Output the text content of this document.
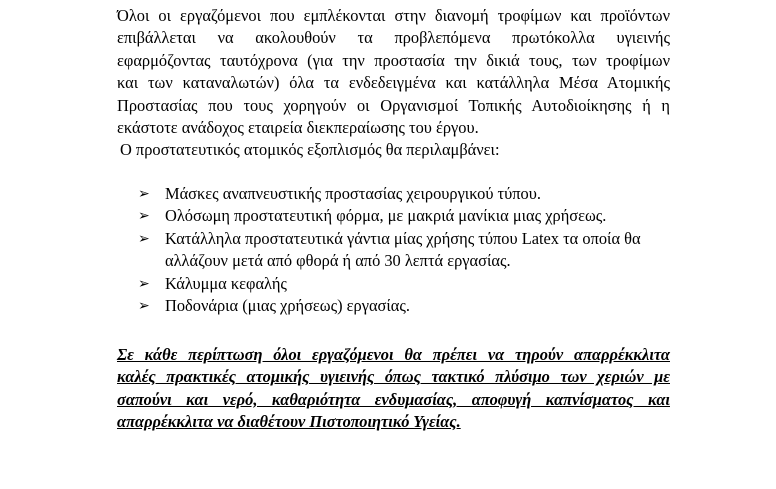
Όλοι οι εργαζόμενοι που εμπλέκονται στην διανομή τροφίμων και προϊόντων
επιβάλλεται να ακολουθούν τα προβλεπόμενα πρωτόκολλα υγιεινής
εφαρμόζοντας ταυτόχρονα (για την προστασία την δικιά τους, των τροφίμων
και των καταναλωτών) όλα τα ενδεδειγμένα και κατάλληλα Μέσα Ατομικής
Προστασίας που τους χορηγούν οι Οργανισμοί Τοπικής Αυτοδιοίκησης ή η
εκάστοτε ανάδοχος εταιρεία διεκπεραίωσης του έργου.

Ο προστατευτικός ατομικός εξοπλισμός θα περιλαμβάνει:

➢ Μάσκες αναπνευστικής προστασίας χειρουργικού τύπου.
➢ Ολόσωμη προστατευτική φόρμα, με μακριά μανίκια μιας χρήσεως.
➢ Κατάλληλα προστατευτικά γάντια μίας χρήσης τύπου Latex τα οποία θα
αλλάζουν μετά από φθορά ή από 30 λεπτά εργασίας.
➢ Κάλυμμα κεφαλής
➢ Ποδονάρια (μιας χρήσεως) εργασίας.

Σε κάθε περίπτωση όλοι εργαζόμενοι θα πρέπει να τηρούν απαρρέκκλιτα
καλές πρακτικές ατομικής υγιεινής όπως τακτικό πλύσιμο των χεριών με
σαπούνι και νερό, καθαριότητα ενδυμασίας, αποφυγή καπνίσματος και
απαρρέκκλιτα να διαθέτουν Πιστοποιητικό Υγείας.
